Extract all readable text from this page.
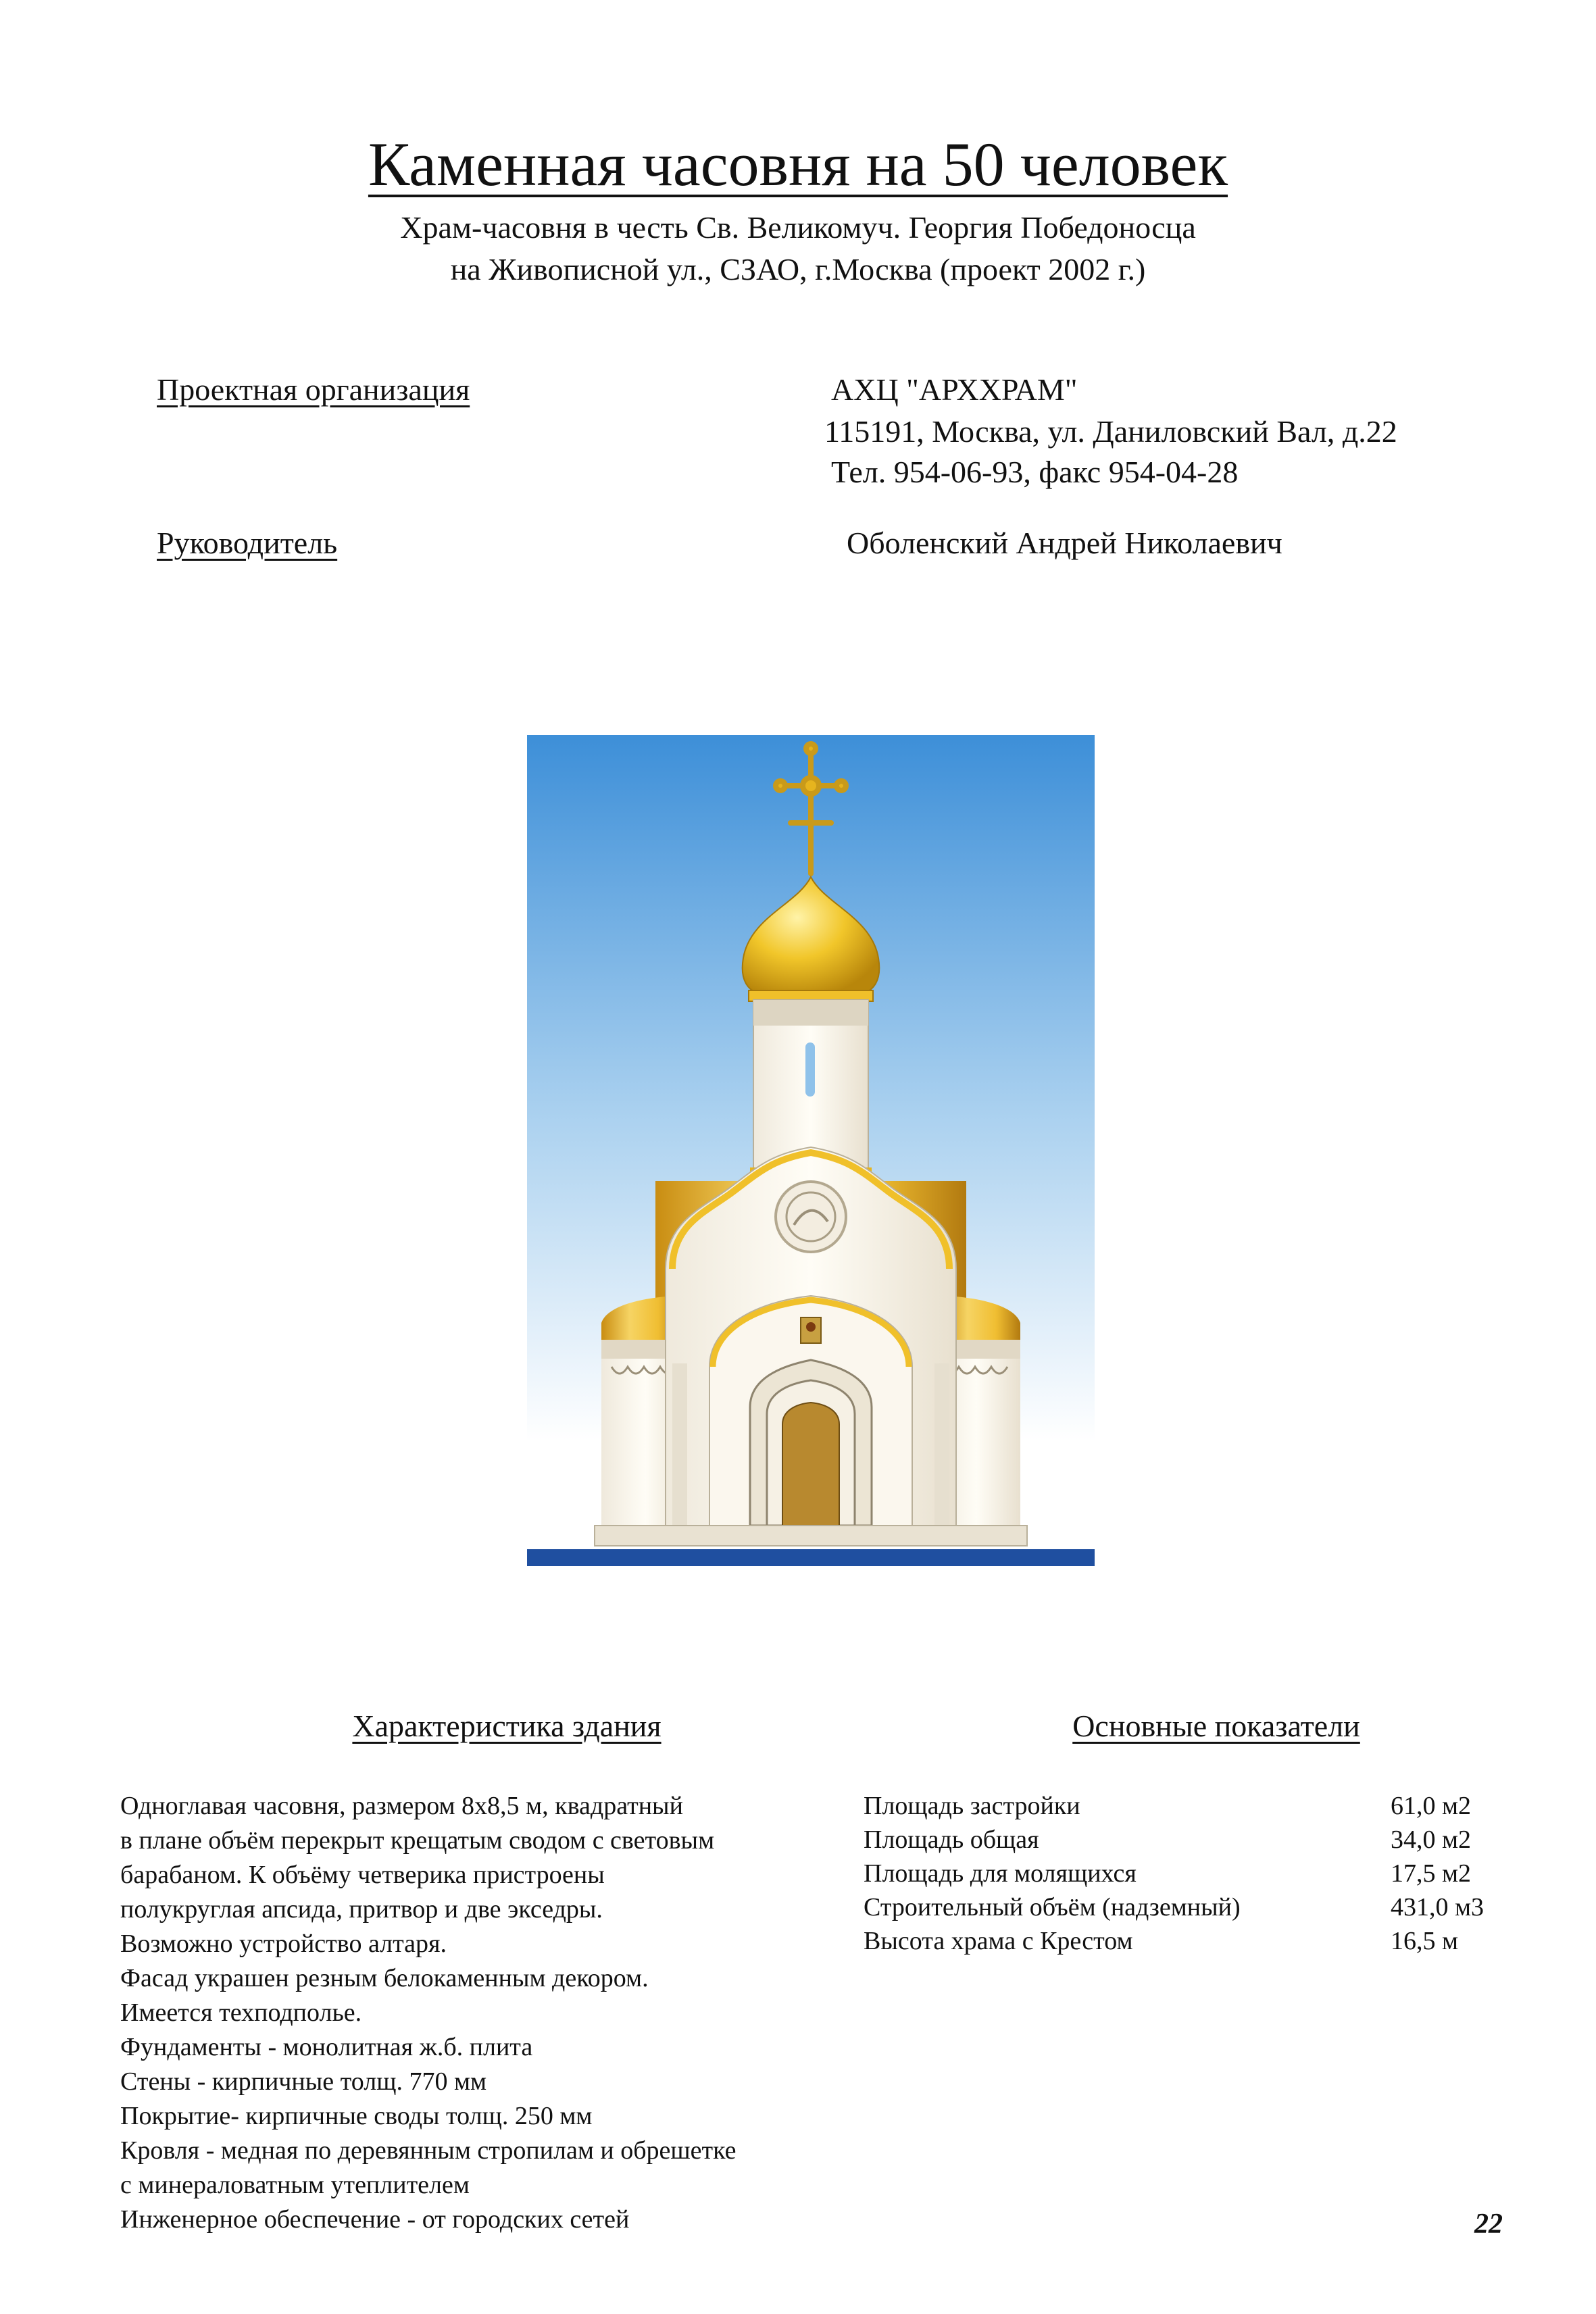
Каменная часовня на 50 человек
Храм-часовня в честь Св. Великомуч. Георгия Победоносца
на Живописной ул., СЗАО, г.Москва (проект 2002 г.)
Проектная организация	АХЦ "АРХХРАМ"
115191, Москва, ул. Даниловский Вал, д.22
Тел. 954-06-93, факс 954-04-28
Руководитель	Оболенский Андрей Николаевич
Характеристика здания
Одноглавая часовня, размером 8х8,5 м, квадратный
в плане объём перекрыт крещатым сводом с световым
барабаном. К объёму четверика пристроены
полукруглая апсида, притвор и две экседры.
Возможно устройство алтаря.
Фасад украшен резным белокаменным декором.
Имеется техподполье.
Фундаменты - монолитная ж.б. плита
Стены - кирпичные толщ. 770 мм
Покрытие- кирпичные своды толщ. 250 мм
Кровля - медная по деревянным стропилам и обрешетке
с минераловатным утеплителем
Инженерное обеспечение - от городских сетей
Основные показатели
Площадь застройки	61,0 м2
Площадь общая	34,0 м2
Площадь для молящихся	17,5 м2
Строительный объём (надземный)	431,0 м3
Высота храма с Крестом	16,5 м
22
